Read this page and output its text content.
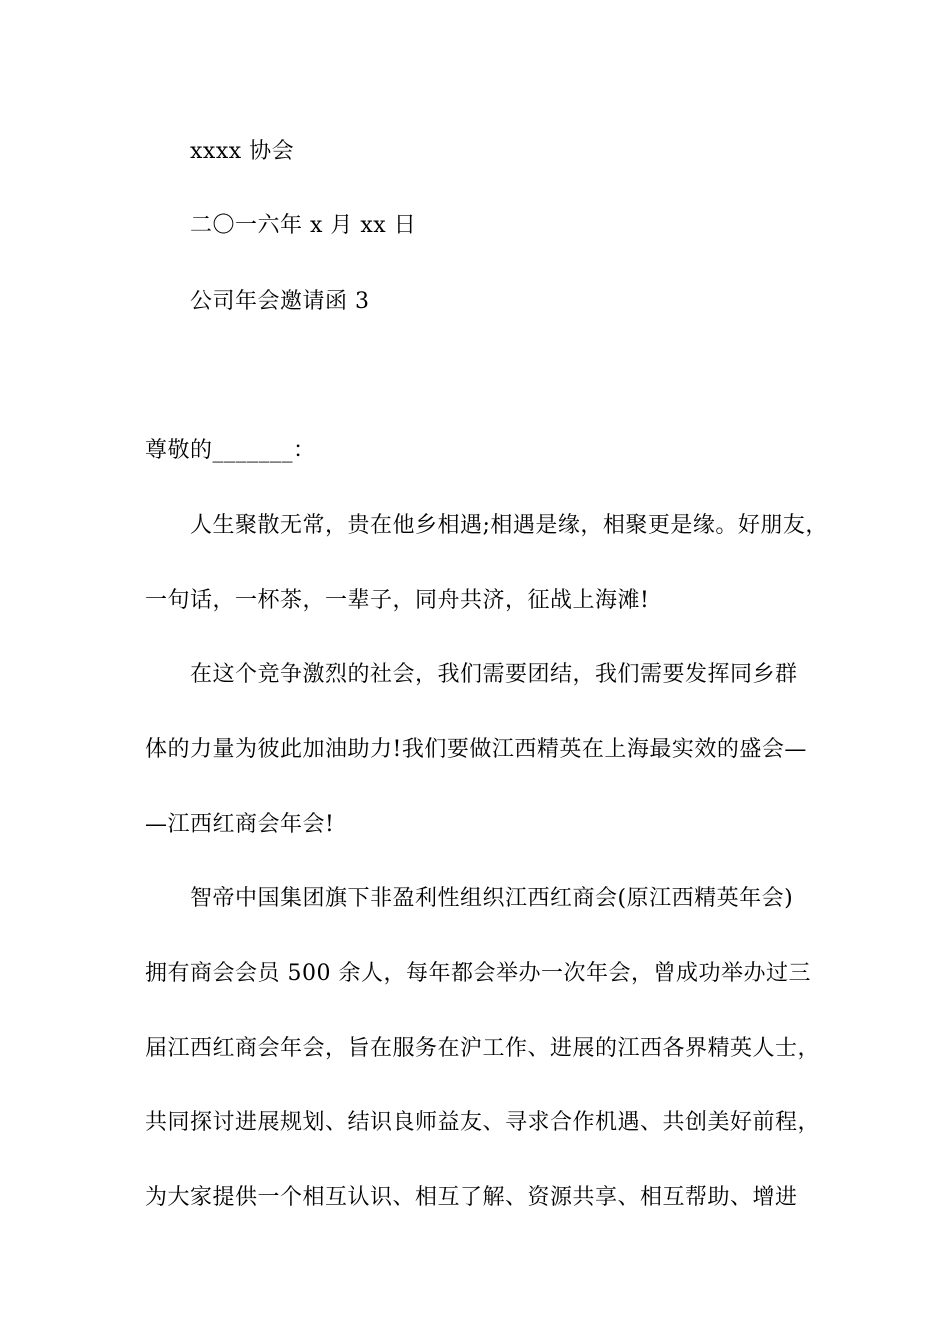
xxxx 协会
二〇一六年 x 月 xx 日
公司年会邀请函 3
尊敬的_______：
人生聚散无常，贵在他乡相遇;相遇是缘，相聚更是缘。好朋友，
一句话，一杯茶，一辈子，同舟共济，征战上海滩!
在这个竞争激烈的社会，我们需要团结，我们需要发挥同乡群
体的力量为彼此加油助力!我们要做江西精英在上海最实效的盛会—
—江西红商会年会!
智帝中国集团旗下非盈利性组织江西红商会(原江西精英年会)
拥有商会会员 500 余人，每年都会举办一次年会，曾成功举办过三
届江西红商会年会，旨在服务在沪工作、进展的江西各界精英人士，
共同探讨进展规划、结识良师益友、寻求合作机遇、共创美好前程，
为大家提供一个相互认识、相互了解、资源共享、相互帮助、增进
